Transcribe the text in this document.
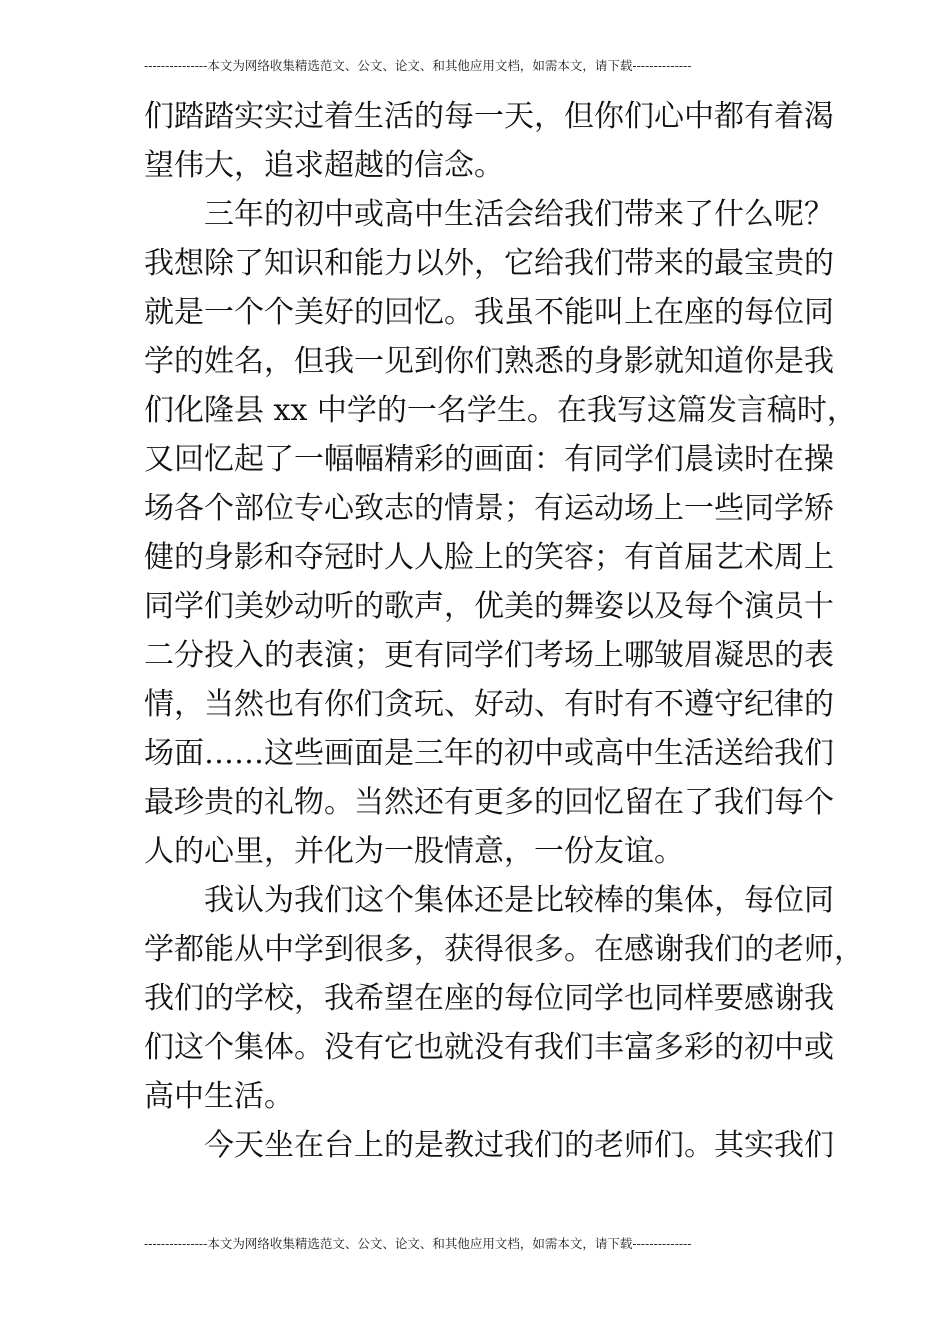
---------------本文为网络收集精选范文、公文、论文、和其他应用文档，如需本文，请下载--------------
们踏踏实实过着生活的每一天，但你们心中都有着渴
望伟大，追求超越的信念。
　　三年的初中或高中生活会给我们带来了什么呢？
我想除了知识和能力以外，它给我们带来的最宝贵的
就是一个个美好的回忆。我虽不能叫上在座的每位同
学的姓名，但我一见到你们熟悉的身影就知道你是我
们化隆县 xx 中学的一名学生。在我写这篇发言稿时，
又回忆起了一幅幅精彩的画面：有同学们晨读时在操
场各个部位专心致志的情景；有运动场上一些同学矫
健的身影和夺冠时人人脸上的笑容；有首届艺术周上
同学们美妙动听的歌声，优美的舞姿以及每个演员十
二分投入的表演；更有同学们考场上哪皱眉凝思的表
情，当然也有你们贪玩、好动、有时有不遵守纪律的
场面……这些画面是三年的初中或高中生活送给我们
最珍贵的礼物。当然还有更多的回忆留在了我们每个
人的心里，并化为一股情意，一份友谊。
　　我认为我们这个集体还是比较棒的集体，每位同
学都能从中学到很多，获得很多。在感谢我们的老师，
我们的学校，我希望在座的每位同学也同样要感谢我
们这个集体。没有它也就没有我们丰富多彩的初中或
高中生活。
　　今天坐在台上的是教过我们的老师们。其实我们
---------------本文为网络收集精选范文、公文、论文、和其他应用文档，如需本文，请下载--------------
